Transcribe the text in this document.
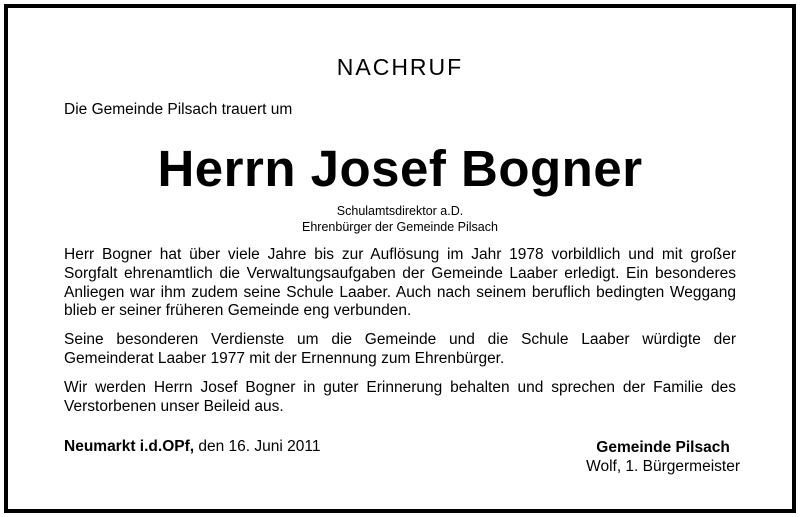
NACHRUF
Die Gemeinde Pilsach trauert um
Herrn Josef Bogner
Schulamtsdirektor a.D.
Ehrenbürger der Gemeinde Pilsach

Herr Bogner hat über viele Jahre bis zur Auflösung im Jahr 1978 vorbildlich und mit großer Sorgfalt ehrenamtlich die Verwaltungsaufgaben der Gemeinde Laaber erledigt. Ein besonderes Anliegen war ihm zudem seine Schule Laaber. Auch nach seinem beruflich bedingten Weggang blieb er seiner früheren Gemeinde eng verbunden.

Seine besonderen Verdienste um die Gemeinde und die Schule Laaber würdigte der Gemeinderat Laaber 1977 mit der Ernennung zum Ehrenbürger.

Wir werden Herrn Josef Bogner in guter Erinnerung behalten und sprechen der Familie des Verstorbenen unser Beileid aus.

Neumarkt i.d.OPf, den 16. Juni 2011	Gemeinde Pilsach
Wolf, 1. Bürgermeister
